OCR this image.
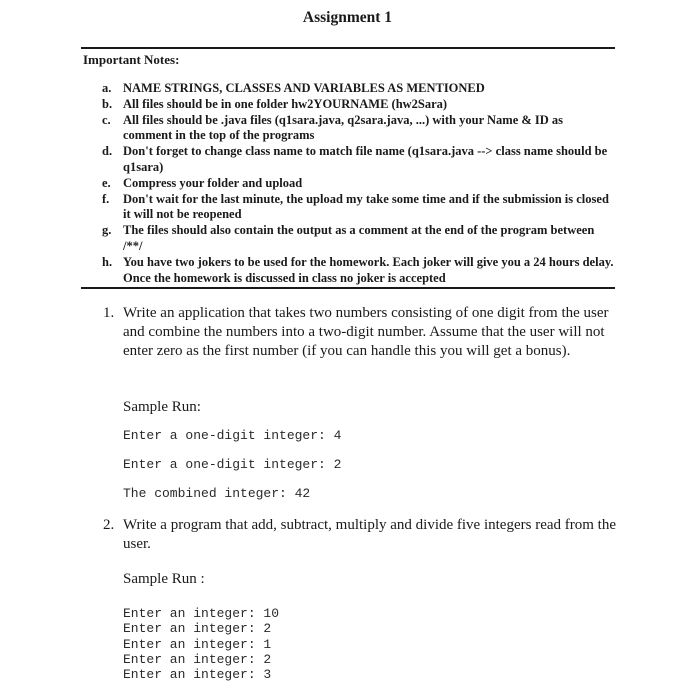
Assignment 1
Important Notes:
a. NAME STRINGS, CLASSES AND VARIABLES AS MENTIONED
b. All files should be in one folder hw2YOURNAME (hw2Sara)
c. All files should be .java files (q1sara.java, q2sara.java, ...) with your Name & ID as comment in the top of the programs
d. Don't forget to change class name to match file name (q1sara.java --> class name should be q1sara)
e. Compress your folder and upload
f.	Don't wait for the last minute, the upload my take some time and if the submission is closed it will not be reopened
g. The files should also contain the output as a comment at the end of the program between /**/
h. You have two jokers to be used for the homework. Each joker will give you a 24 hours delay. Once the homework is discussed in class no joker is accepted
1. Write an application that takes two numbers consisting of one digit from the user and combine the numbers into a two-digit number. Assume that the user will not enter zero as the first number (if you can handle this you will get a bonus).
Sample Run:
Enter a one-digit integer: 4
Enter a one-digit integer: 2
The combined integer: 42
2. Write a program that add, subtract, multiply and divide five integers read from the user.
Sample Run :
Enter an integer: 10
Enter an integer: 2
Enter an integer: 1
Enter an integer: 2
Enter an integer: 3
